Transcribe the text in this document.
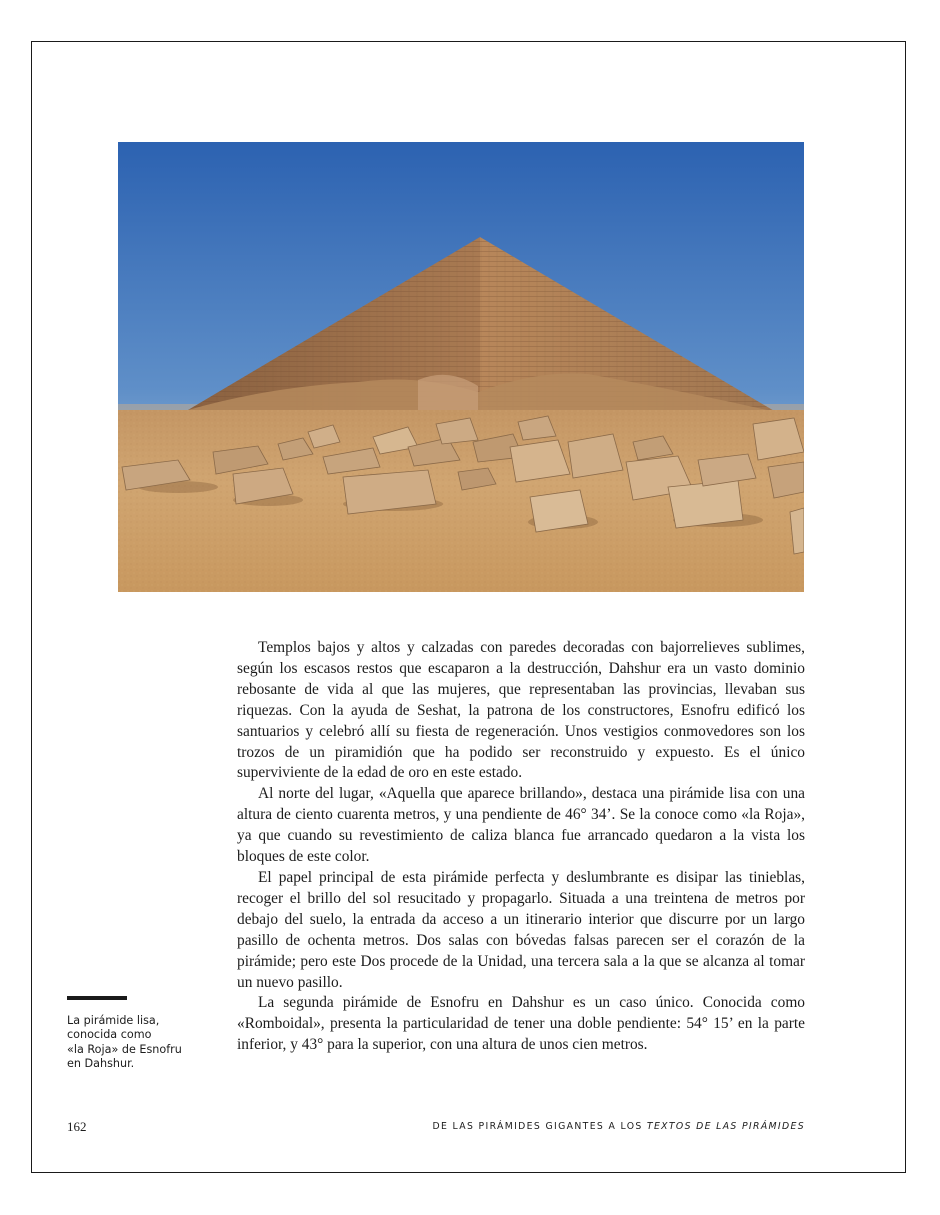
Templos bajos y altos y calzadas con paredes decoradas con bajorrelieves sublimes, según los escasos restos que escaparon a la destrucción, Dahshur era un vasto dominio rebosante de vida al que las mujeres, que representaban las provincias, llevaban sus riquezas. Con la ayuda de Seshat, la patrona de los constructores, Esnofru edificó los santuarios y celebró allí su fiesta de regeneración. Unos vestigios conmovedores son los trozos de un piramidión que ha podido ser reconstruido y expuesto. Es el único superviviente de la edad de oro en este estado.

Al norte del lugar, «Aquella que aparece brillando», destaca una pirámide lisa con una altura de ciento cuarenta metros, y una pendiente de 46° 34’. Se la conoce como «la Roja», ya que cuando su revestimiento de caliza blanca fue arrancado quedaron a la vista los bloques de este color.

El papel principal de esta pirámide perfecta y deslumbrante es disipar las tinieblas, recoger el brillo del sol resucitado y propagarlo. Situada a una treintena de metros por debajo del suelo, la entrada da acceso a un itinerario interior que discurre por un largo pasillo de ochenta metros. Dos salas con bóvedas falsas parecen ser el corazón de la pirámide; pero este Dos procede de la Unidad, una tercera sala a la que se alcanza al tomar un nuevo pasillo.

La segunda pirámide de Esnofru en Dahshur es un caso único. Conocida como «Romboidal», presenta la particularidad de tener una doble pendiente: 54° 15’ en la parte inferior, y 43° para la superior, con una altura de unos cien metros.

La pirámide lisa,
conocida como
«la Roja» de Esnofru
en Dahshur.
162	DE LAS PIRÁMIDES GIGANTES A LOS TEXTOS DE LAS PIRÁMIDES
